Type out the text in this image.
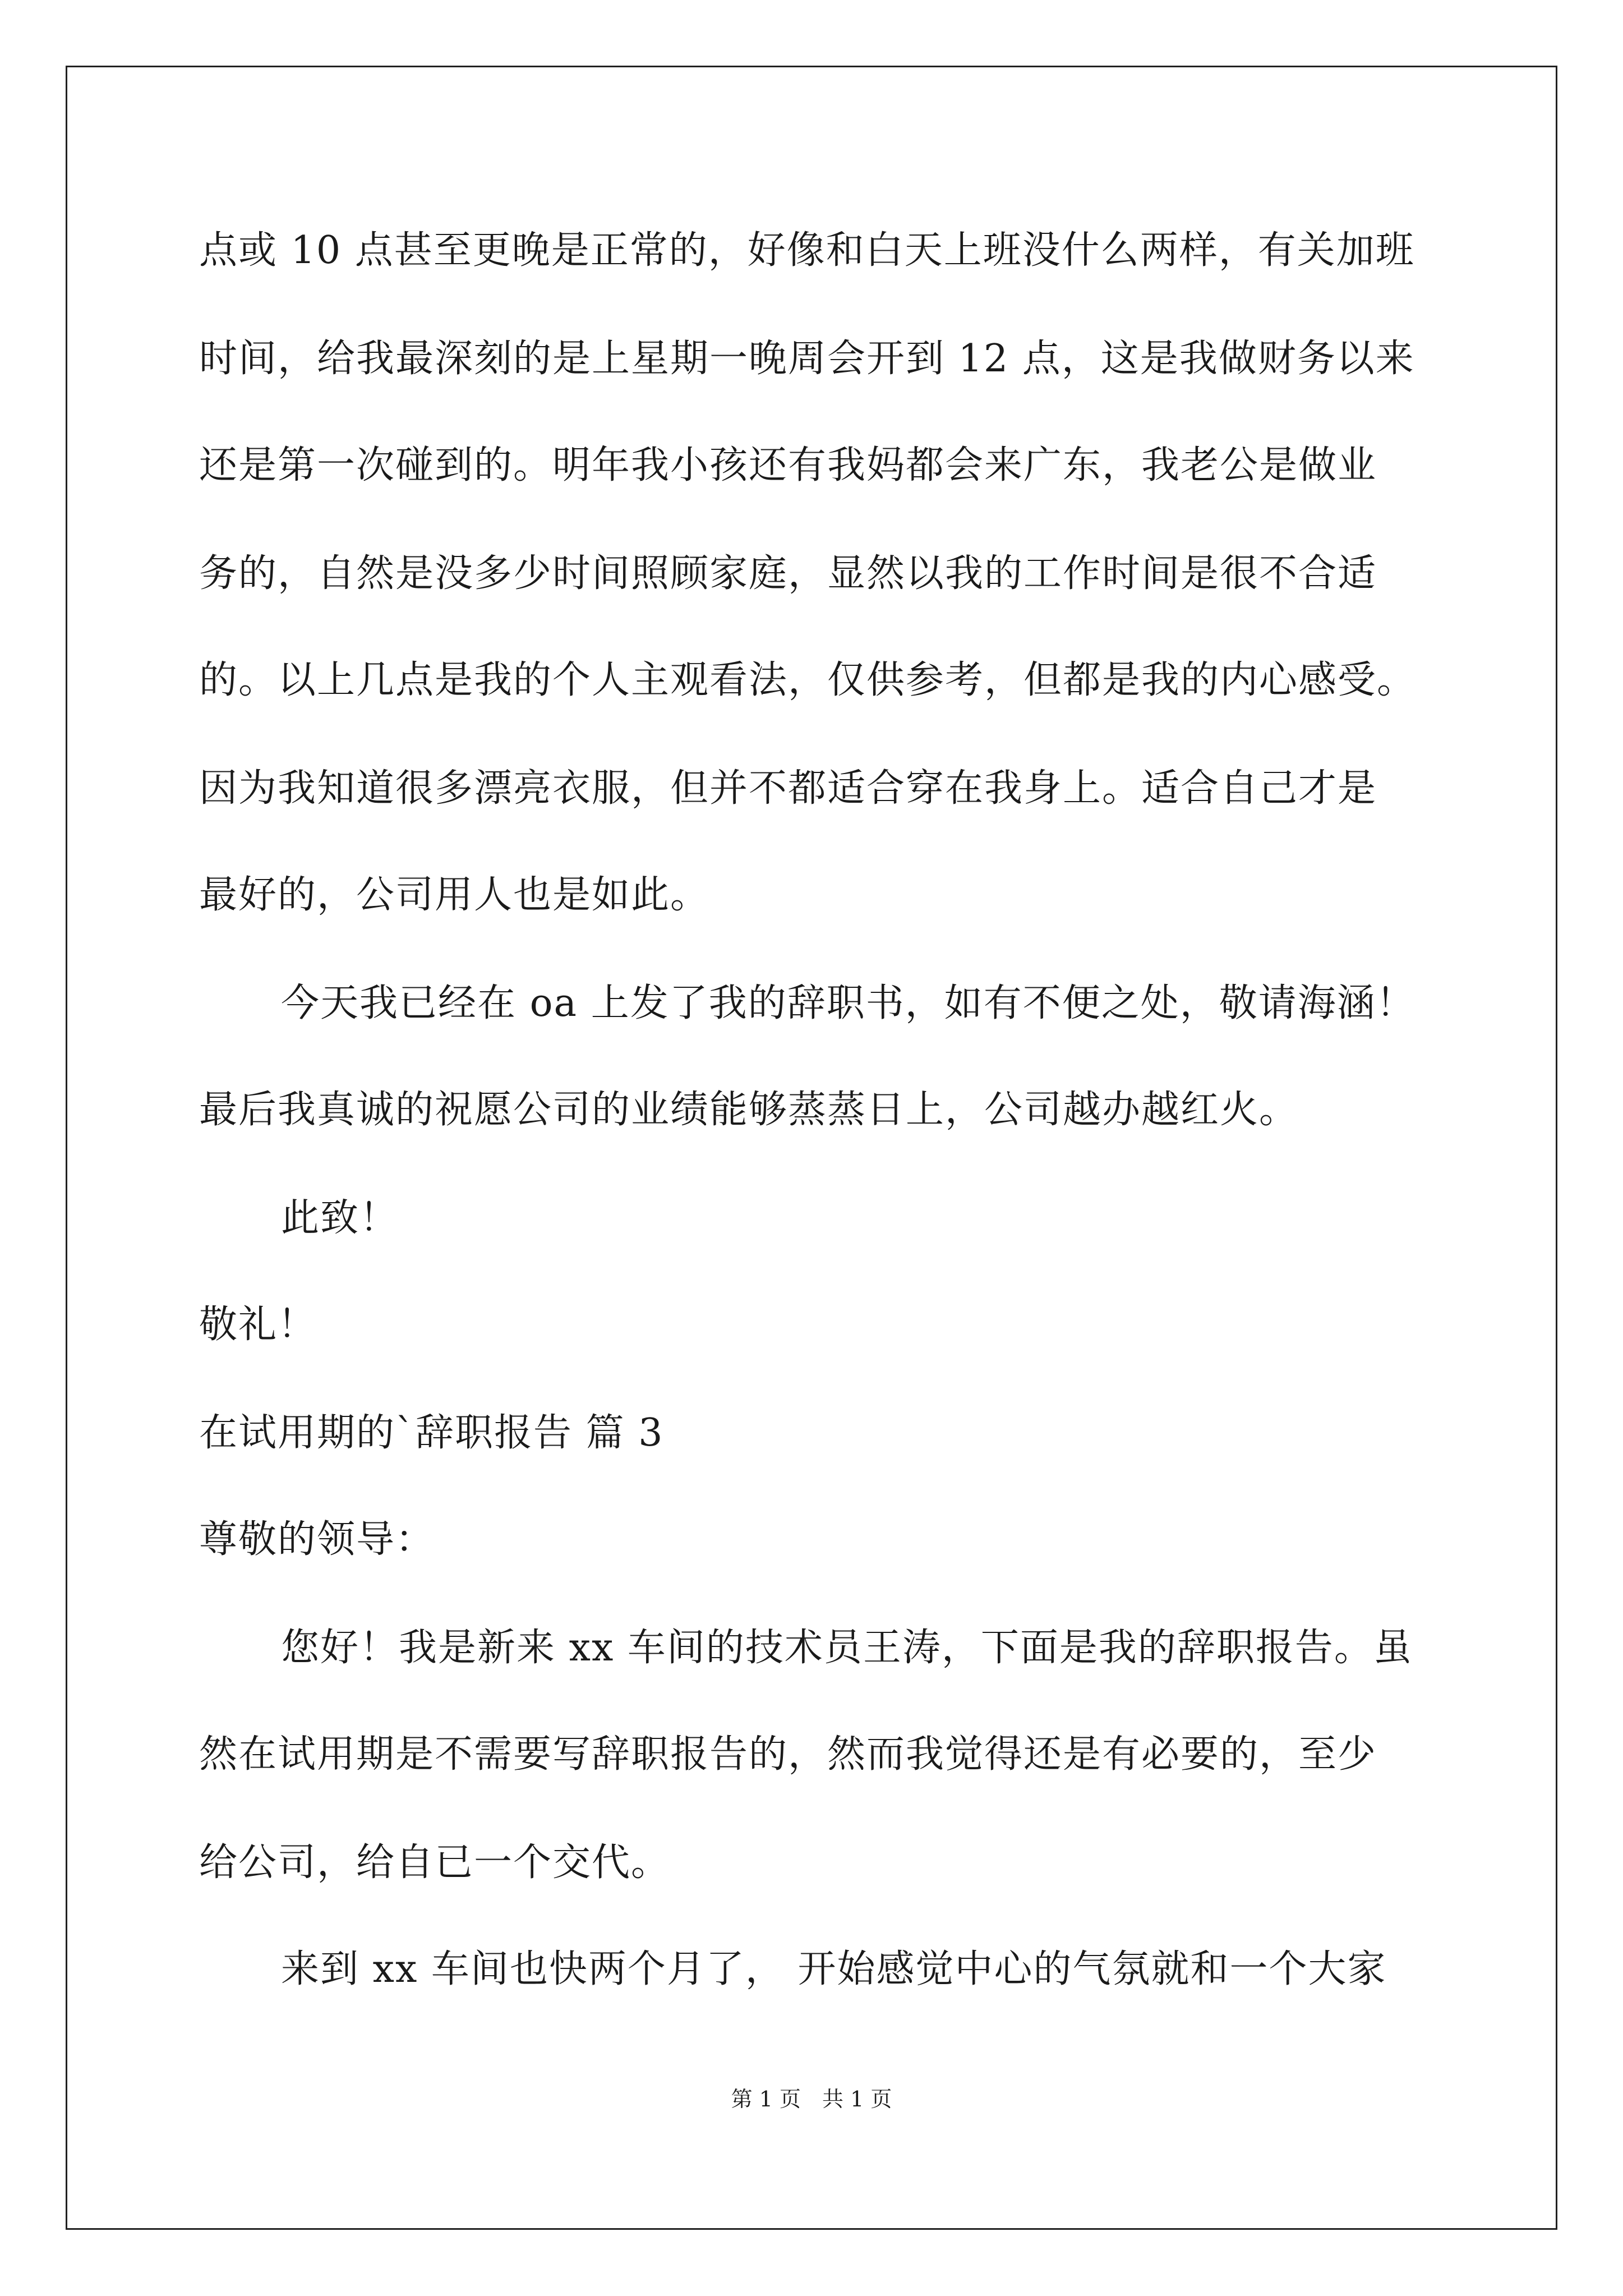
点或 10 点甚至更晚是正常的，好像和白天上班没什么两样，有关加班
时间，给我最深刻的是上星期一晚周会开到 12 点，这是我做财务以来
还是第一次碰到的。明年我小孩还有我妈都会来广东，我老公是做业
务的，自然是没多少时间照顾家庭，显然以我的工作时间是很不合适
的。以上几点是我的个人主观看法，仅供参考，但都是我的内心感受。
因为我知道很多漂亮衣服，但并不都适合穿在我身上。适合自己才是
最好的，公司用人也是如此。
今天我已经在 oa 上发了我的辞职书，如有不便之处，敬请海涵！
最后我真诚的祝愿公司的业绩能够蒸蒸日上，公司越办越红火。
此致！
敬礼！
在试用期的`辞职报告 篇 3
尊敬的领导：
您好！我是新来 xx 车间的技术员王涛，下面是我的辞职报告。虽
然在试用期是不需要写辞职报告的，然而我觉得还是有必要的，至少
给公司，给自已一个交代。
来到 xx 车间也快两个月了， 开始感觉中心的气氛就和一个大家
第 1 页　共 1 页
